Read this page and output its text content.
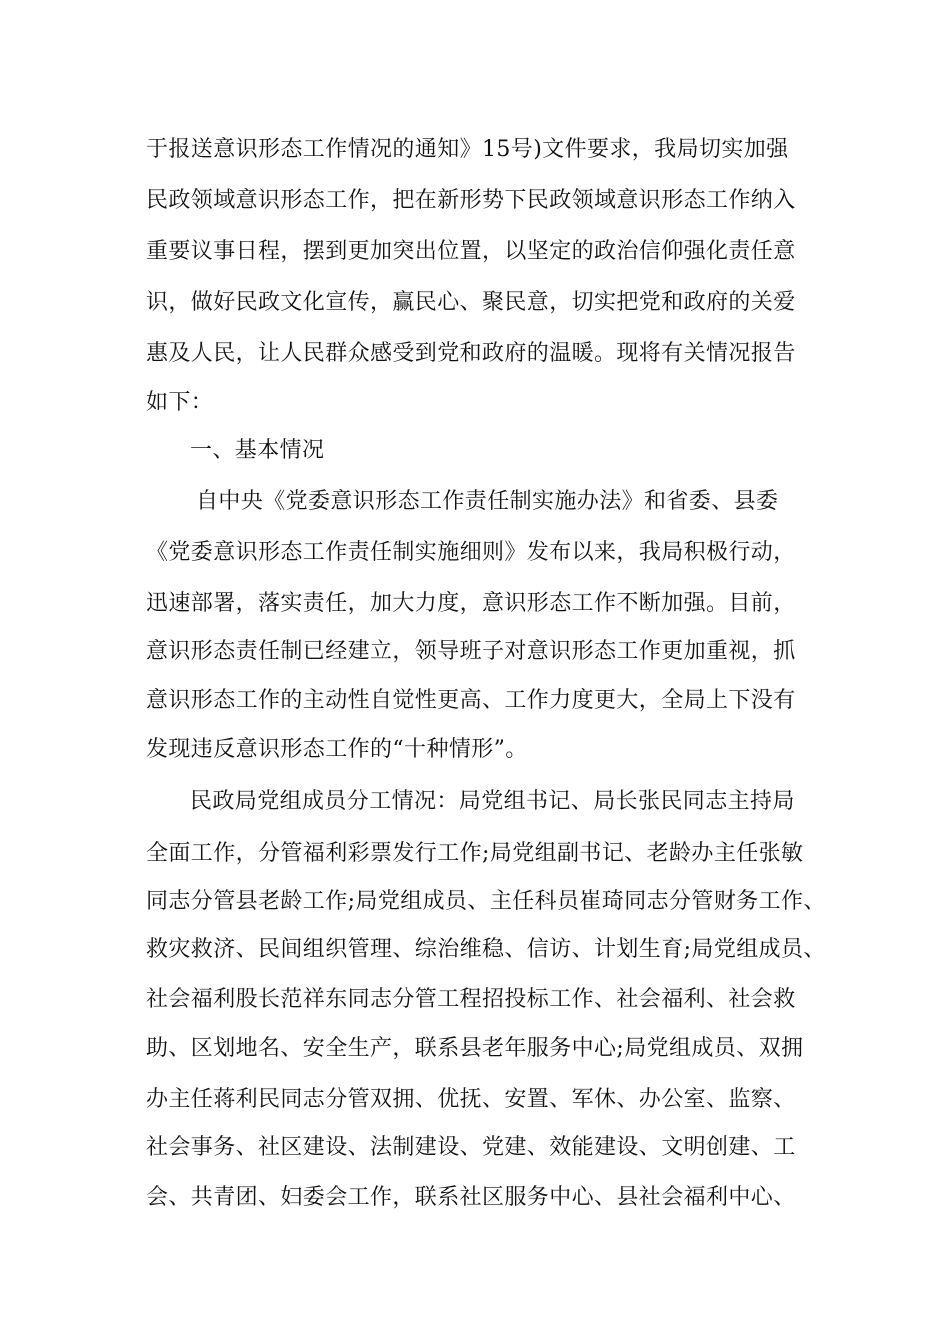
于报送意识形态工作情况的通知》15号)文件要求，我局切实加强
民政领域意识形态工作，把在新形势下民政领域意识形态工作纳入
重要议事日程，摆到更加突出位置，以坚定的政治信仰强化责任意
识，做好民政文化宣传，赢民心、聚民意，切实把党和政府的关爱
惠及人民，让人民群众感受到党和政府的温暖。现将有关情况报告
如下：
一、基本情况
自中央《党委意识形态工作责任制实施办法》和省委、县委
《党委意识形态工作责任制实施细则》发布以来，我局积极行动，
迅速部署，落实责任，加大力度，意识形态工作不断加强。目前，
意识形态责任制已经建立，领导班子对意识形态工作更加重视，抓
意识形态工作的主动性自觉性更高、工作力度更大，全局上下没有
发现违反意识形态工作的“十种情形”。
民政局党组成员分工情况：局党组书记、局长张民同志主持局
全面工作，分管福利彩票发行工作;局党组副书记、老龄办主任张敏
同志分管县老龄工作;局党组成员、主任科员崔琦同志分管财务工作、
救灾救济、民间组织管理、综治维稳、信访、计划生育;局党组成员、
社会福利股长范祥东同志分管工程招投标工作、社会福利、社会救
助、区划地名、安全生产，联系县老年服务中心;局党组成员、双拥
办主任蒋利民同志分管双拥、优抚、安置、军休、办公室、监察、
社会事务、社区建设、法制建设、党建、效能建设、文明创建、工
会、共青团、妇委会工作，联系社区服务中心、县社会福利中心、
